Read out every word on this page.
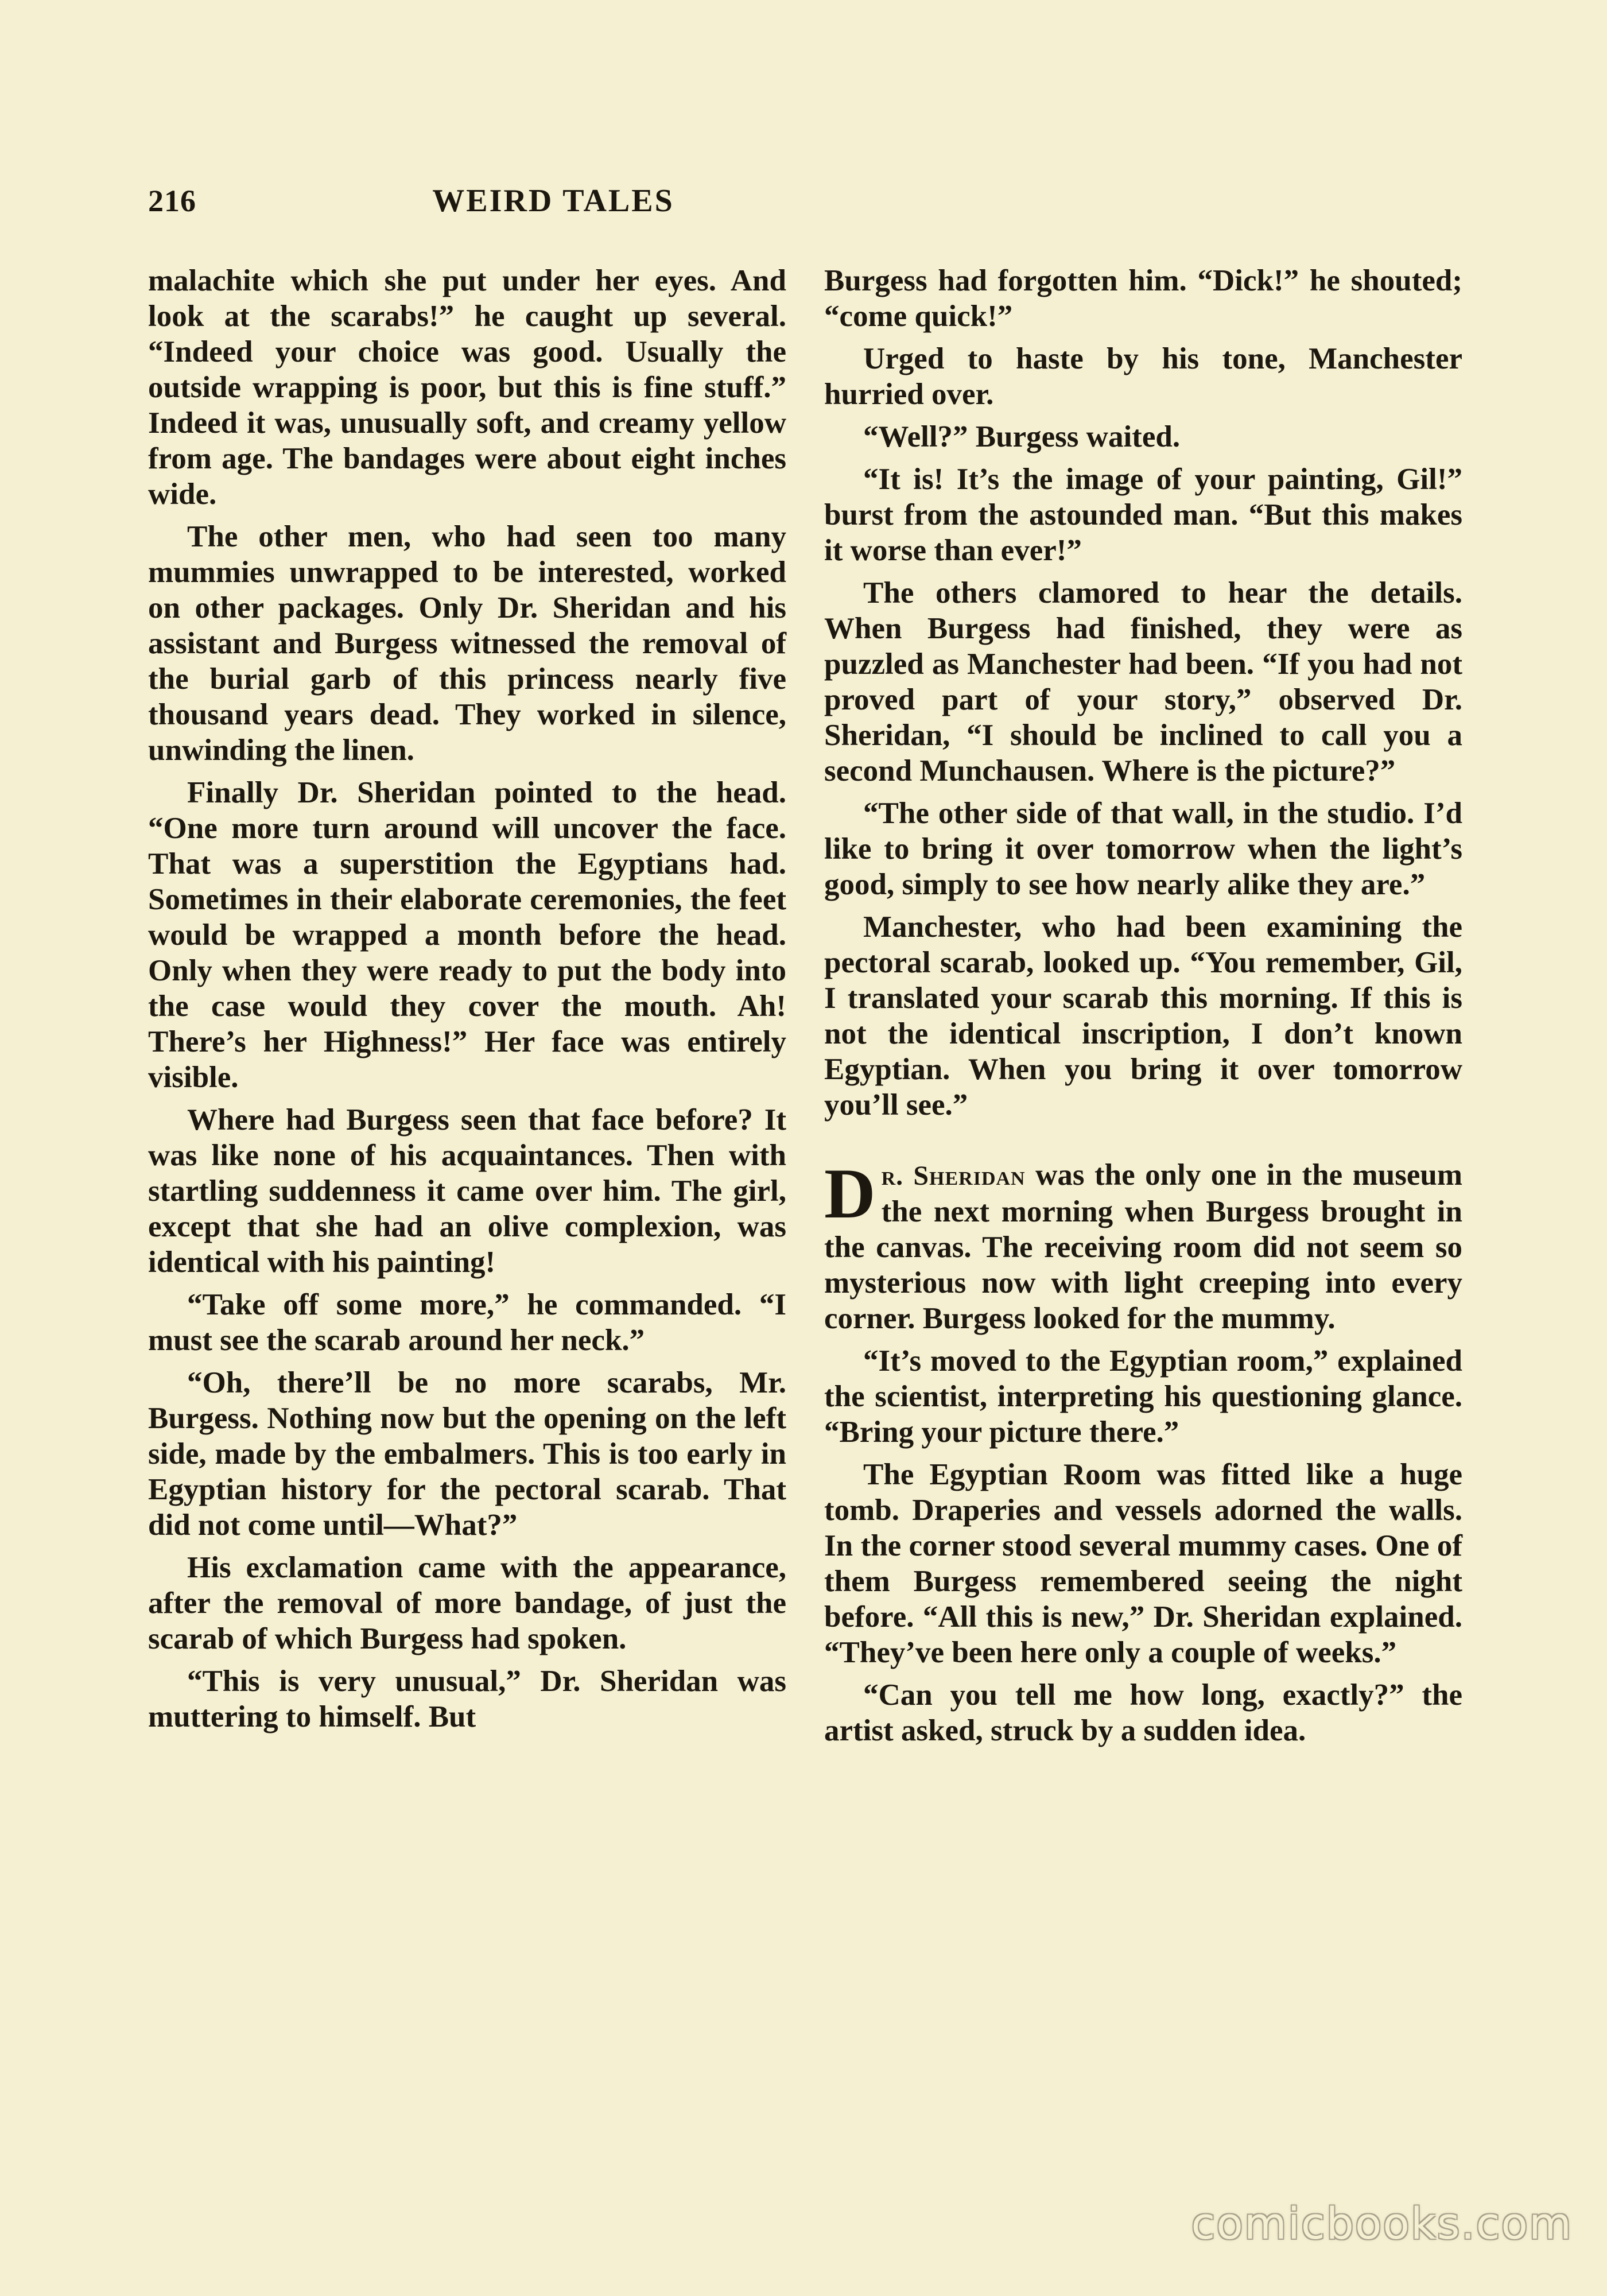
216	WEIRD TALES

malachite which she put under her eyes. And look at the scarabs!” he caught up several. “Indeed your choice was good. Usually the outside wrapping is poor, but this is fine stuff.” Indeed it was, unusually soft, and creamy yellow from age. The bandages were about eight inches wide.

The other men, who had seen too many mummies unwrapped to be interested, worked on other packages. Only Dr. Sheridan and his assistant and Burgess witnessed the removal of the burial garb of this princess nearly five thousand years dead. They worked in silence, unwinding the linen.

Finally Dr. Sheridan pointed to the head. “One more turn around will uncover the face. That was a superstition the Egyptians had. Sometimes in their elaborate ceremonies, the feet would be wrapped a month before the head. Only when they were ready to put the body into the case would they cover the mouth. Ah! There’s her Highness!” Her face was entirely visible.

Where had Burgess seen that face before? It was like none of his acquaintances. Then with startling suddenness it came over him. The girl, except that she had an olive complexion, was identical with his painting!

“Take off some more,” he commanded. “I must see the scarab around her neck.”

“Oh, there’ll be no more scarabs, Mr. Burgess. Nothing now but the opening on the left side, made by the embalmers. This is too early in Egyptian history for the pectoral scarab. That did not come until—What?”

His exclamation came with the appearance, after the removal of more bandage, of just the scarab of which Burgess had spoken.

“This is very unusual,” Dr. Sheridan was muttering to himself. But

Burgess had forgotten him. “Dick!” he shouted; “come quick!”

Urged to haste by his tone, Manchester hurried over.

“Well?” Burgess waited.

“It is! It’s the image of your painting, Gil!” burst from the astounded man. “But this makes it worse than ever!”

The others clamored to hear the details. When Burgess had finished, they were as puzzled as Manchester had been. “If you had not proved part of your story,” observed Dr. Sheridan, “I should be inclined to call you a second Munchausen. Where is the picture?”

“The other side of that wall, in the studio. I’d like to bring it over tomorrow when the light’s good, simply to see how nearly alike they are.”

Manchester, who had been examining the pectoral scarab, looked up. “You remember, Gil, I translated your scarab this morning. If this is not the identical inscription, I don’t known Egyptian. When you bring it over tomorrow you’ll see.”

Dr. Sheridan was the only one in the museum the next morning when Burgess brought in the canvas. The receiving room did not seem so mysterious now with light creeping into every corner. Burgess looked for the mummy.

“It’s moved to the Egyptian room,” explained the scientist, interpreting his questioning glance. “Bring your picture there.”

The Egyptian Room was fitted like a huge tomb. Draperies and vessels adorned the walls. In the corner stood several mummy cases. One of them Burgess remembered seeing the night before. “All this is new,” Dr. Sheridan explained. “They’ve been here only a couple of weeks.”

“Can you tell me how long, exactly?” the artist asked, struck by a sudden idea.

comicbooks.com
